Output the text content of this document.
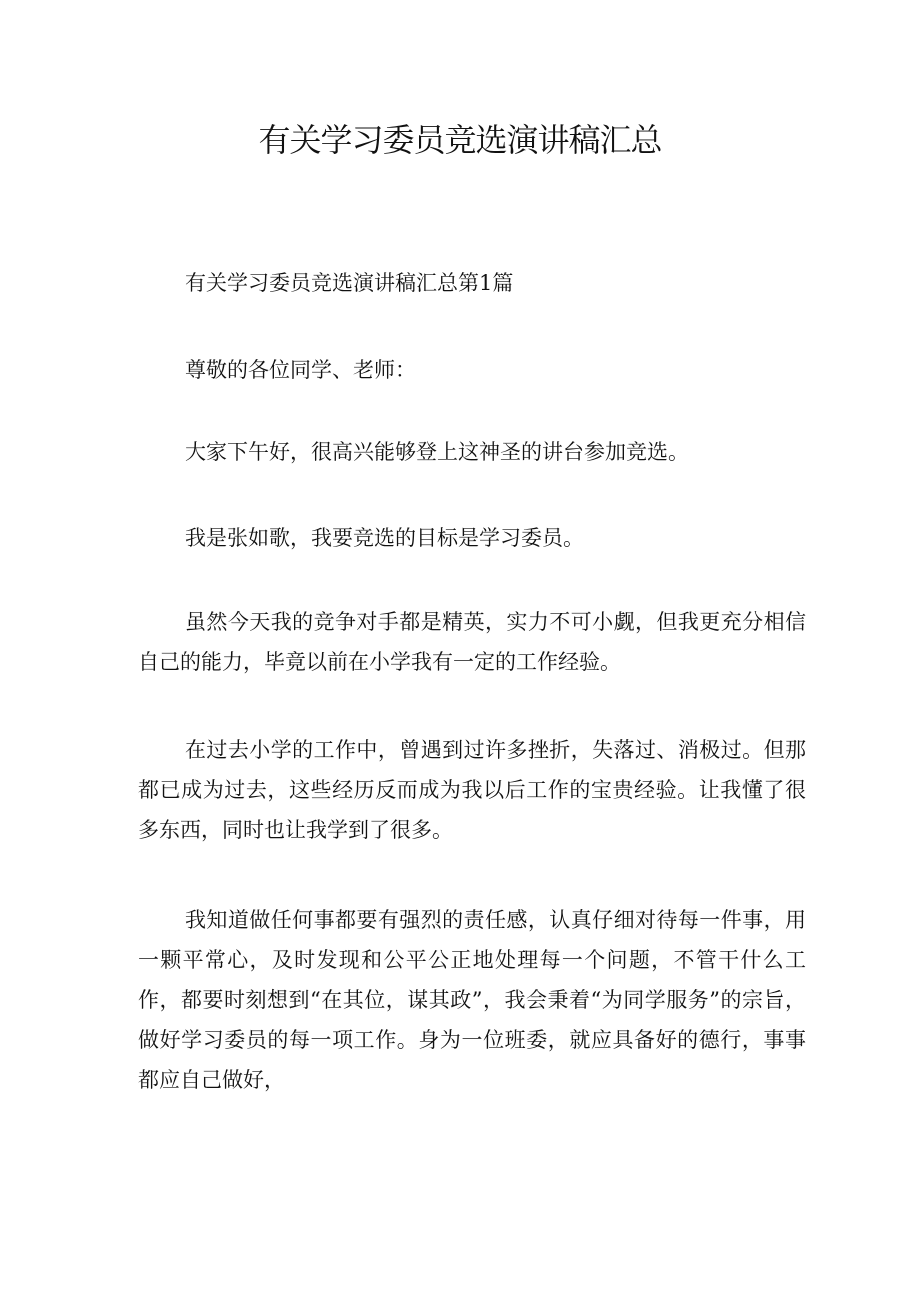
有关学习委员竞选演讲稿汇总

有关学习委员竞选演讲稿汇总第1篇

尊敬的各位同学、老师：

大家下午好，很高兴能够登上这神圣的讲台参加竞选。

我是张如歌，我要竞选的目标是学习委员。

虽然今天我的竞争对手都是精英，实力不可小觑，但我更充分相信自己的能力，毕竟以前在小学我有一定的工作经验。

在过去小学的工作中，曾遇到过许多挫折，失落过、消极过。但那都已成为过去，这些经历反而成为我以后工作的宝贵经验。让我懂了很多东西，同时也让我学到了很多。

我知道做任何事都要有强烈的责任感，认真仔细对待每一件事，用一颗平常心，及时发现和公平公正地处理每一个问题，不管干什么工作，都要时刻想到“在其位，谋其政”，我会秉着“为同学服务”的宗旨，做好学习委员的每一项工作。身为一位班委，就应具备好的德行，事事都应自己做好，
